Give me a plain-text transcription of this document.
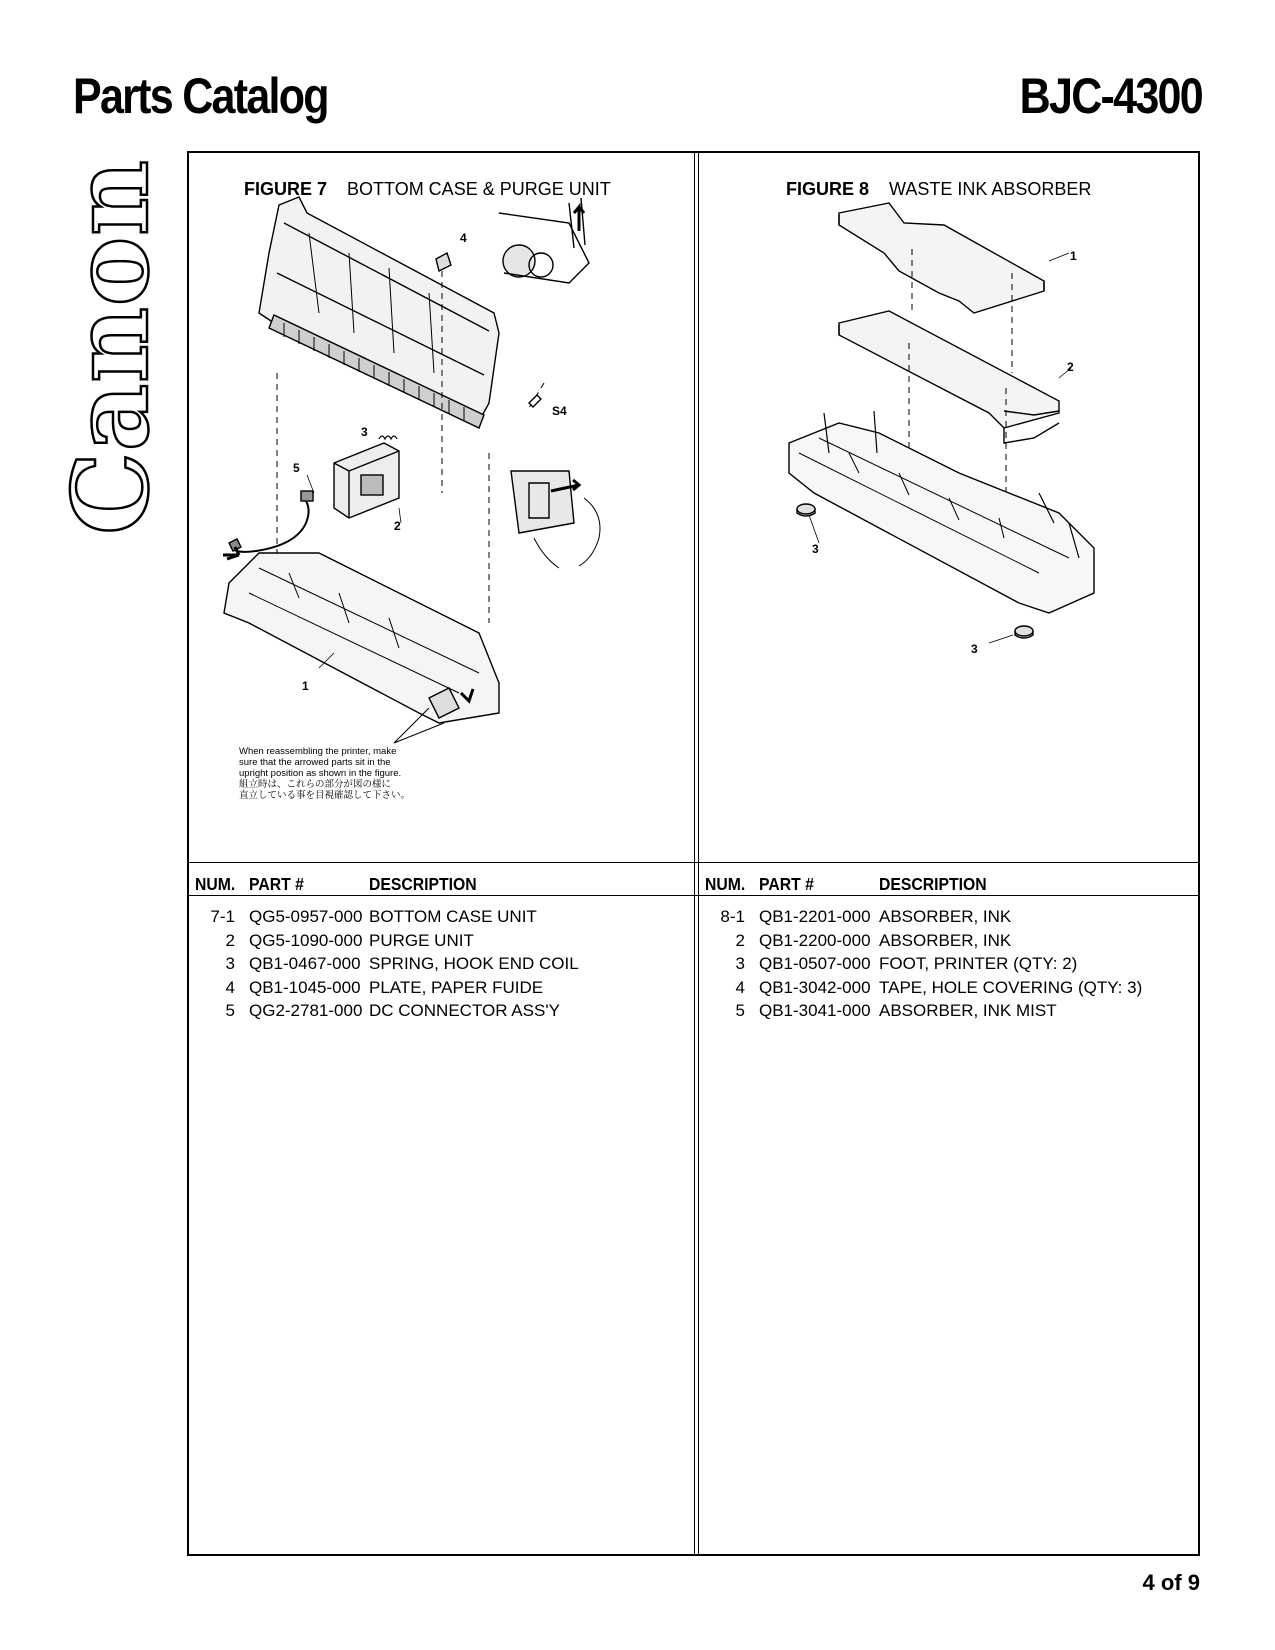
Parts Catalog	BJC-4300
Canon	FIGURE 7 BOTTOM CASE & PURGE UNIT
4
S4
3
5
2
1
When reassembling the printer, make
sure that the arrowed parts sit in the
upright position as shown in the figure.
組立時は、これらの部分が図の様に
直立している事を目視確認して下さい。
FIGURE 8 WASTE INK ABSORBER
1
2
3
3
NUM. PART #	DESCRIPTION
7-1 QG5-0957-000 BOTTOM CASE UNIT
2 QG5-1090-000 PURGE UNIT
3 QB1-0467-000 SPRING, HOOK END COIL
4 QB1-1045-000 PLATE, PAPER FUIDE
5 QG2-2781-000 DC CONNECTOR ASS'Y
NUM. PART #	DESCRIPTION
8-1 QB1-2201-000 ABSORBER, INK
2 QB1-2200-000 ABSORBER, INK
3 QB1-0507-000 FOOT, PRINTER (QTY: 2)
4 QB1-3042-000 TAPE, HOLE COVERING (QTY: 3)
5 QB1-3041-000 ABSORBER, INK MIST
4 of 9
